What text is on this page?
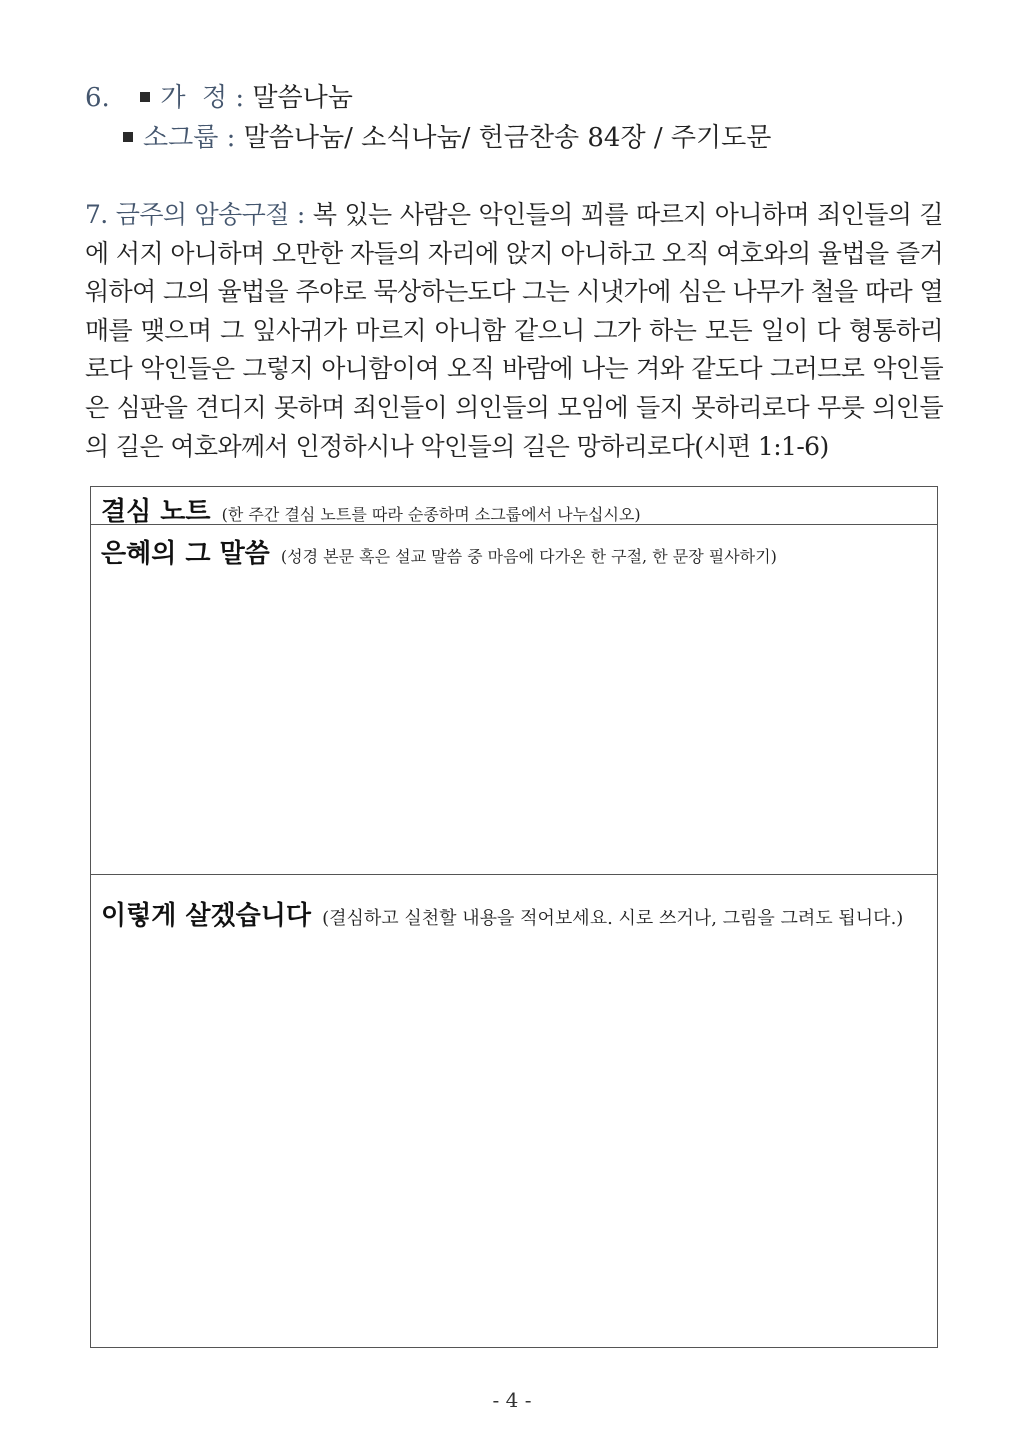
6. 가  정 : 말씀나눔
소그룹 : 말씀나눔/ 소식나눔/ 헌금찬송 84장 / 주기도문
7. 금주의 암송구절 : 복 있는 사람은 악인들의 꾀를 따르지 아니하며 죄인들의 길에 서지 아니하며 오만한 자들의 자리에 앉지 아니하고 오직 여호와의 율법을 즐거워하여 그의 율법을 주야로 묵상하는도다 그는 시냇가에 심은 나무가 철을 따라 열매를 맺으며 그 잎사귀가 마르지 아니함 같으니 그가 하는 모든 일이 다 형통하리로다 악인들은 그렇지 아니함이여 오직 바람에 나는 겨와 같도다 그러므로 악인들은 심판을 견디지 못하며 죄인들이 의인들의 모임에 들지 못하리로다 무릇 의인들의 길은 여호와께서 인정하시나 악인들의 길은 망하리로다(시편 1:1-6)
결심 노트 (한 주간 결심 노트를 따라 순종하며 소그룹에서 나누십시오)
은혜의 그 말씀 (성경 본문 혹은 설교 말씀 중 마음에 다가온 한 구절, 한 문장 필사하기)
이렇게 살겠습니다 (결심하고 실천할 내용을 적어보세요. 시로 쓰거나, 그림을 그려도 됩니다.)
- 4 -
